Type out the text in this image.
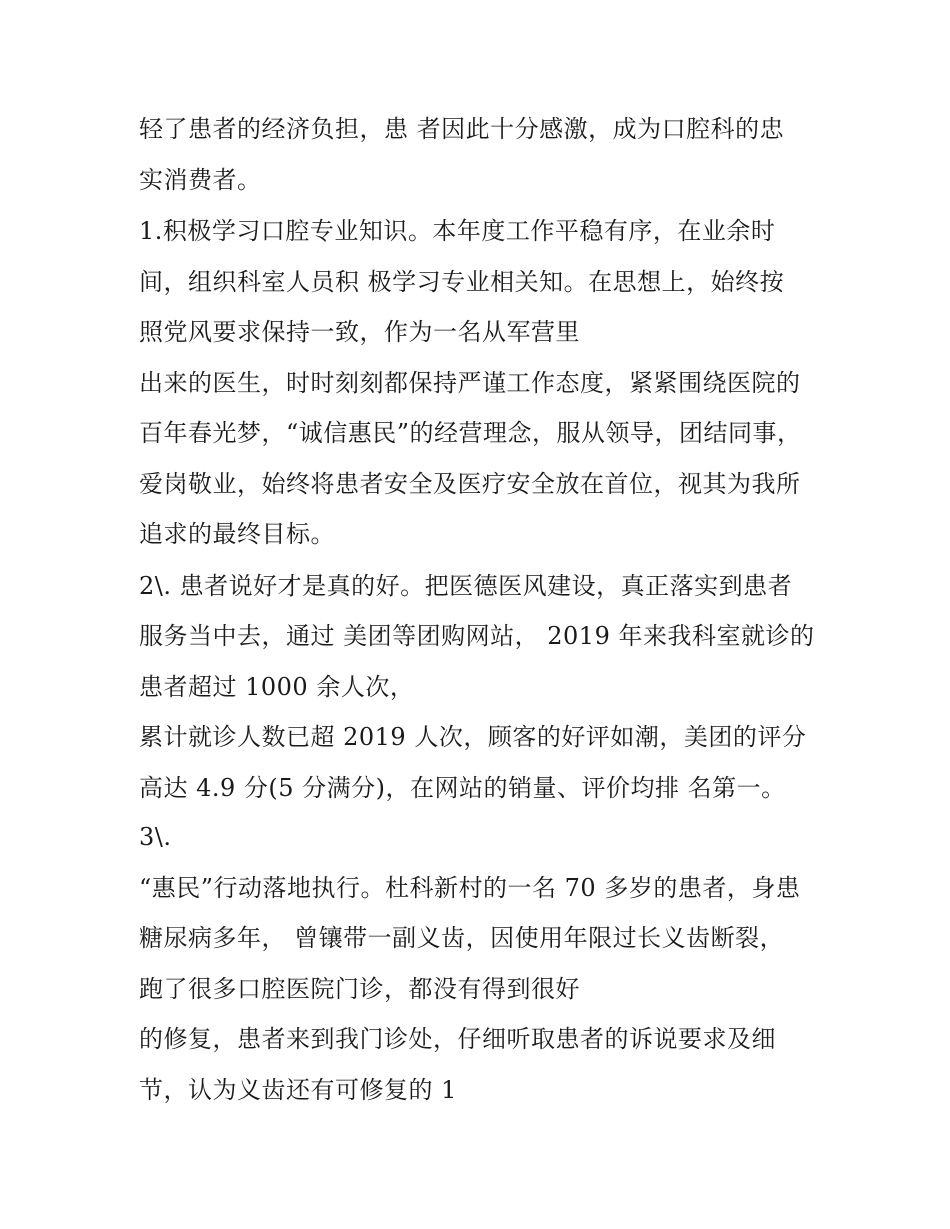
轻了患者的经济负担，患 者因此十分感激，成为口腔科的忠
实消费者。
1.积极学习口腔专业知识。本年度工作平稳有序，在业余时
间，组织科室人员积 极学习专业相关知。在思想上，始终按
照党风要求保持一致，作为一名从军营里
出来的医生，时时刻刻都保持严谨工作态度，紧紧围绕医院的
百年春光梦，“诚信惠民”的经营理念，服从领导，团结同事，
爱岗敬业，始终将患者安全及医疗安全放在首位，视其为我所
追求的最终目标。
2\. 患者说好才是真的好。把医德医风建设，真正落实到患者
服务当中去，通过 美团等团购网站， 2019 年来我科室就诊的
患者超过 1000 余人次，
累计就诊人数已超 2019 人次，顾客的好评如潮，美团的评分
高达 4.9 分(5 分满分)，在网站的销量、评价均排 名第一。
3\.
“惠民”行动落地执行。杜科新村的一名 70 多岁的患者，身患
糖尿病多年， 曾镶带一副义齿，因使用年限过长义齿断裂，
跑了很多口腔医院门诊，都没有得到很好
的修复，患者来到我门诊处，仔细听取患者的诉说要求及细
节，认为义齿还有可修复的 1
